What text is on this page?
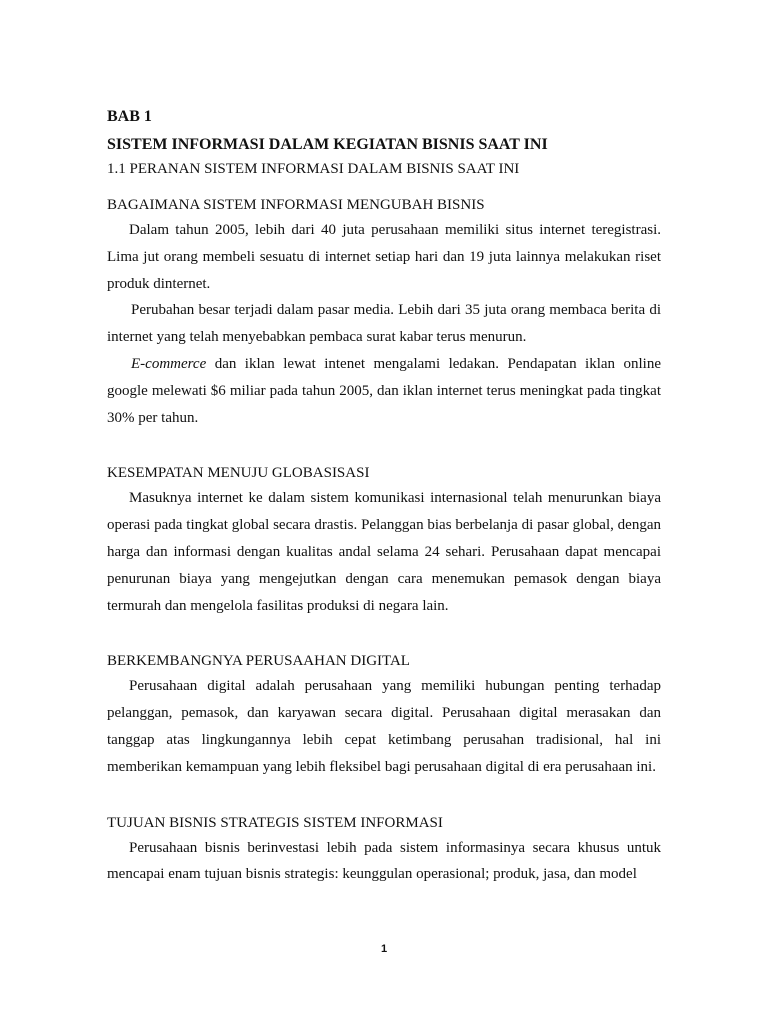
BAB 1
SISTEM INFORMASI DALAM KEGIATAN BISNIS SAAT INI
1.1 PERANAN SISTEM INFORMASI DALAM BISNIS SAAT INI
BAGAIMANA SISTEM INFORMASI MENGUBAH BISNIS

Dalam tahun 2005, lebih dari 40 juta perusahaan memiliki situs internet teregistrasi. Lima jut orang membeli sesuatu di internet setiap hari dan 19 juta lainnya melakukan riset produk dinternet.

Perubahan besar terjadi dalam pasar media. Lebih dari 35 juta orang membaca berita di internet yang telah menyebabkan pembaca surat kabar terus menurun.

E-commerce dan iklan lewat intenet mengalami ledakan. Pendapatan iklan online google melewati $6 miliar pada tahun 2005, dan iklan internet terus meningkat pada tingkat 30% per tahun.

KESEMPATAN MENUJU GLOBASISASI

Masuknya internet ke dalam sistem komunikasi internasional telah menurunkan biaya operasi pada tingkat global secara drastis. Pelanggan bias berbelanja di pasar global, dengan harga dan informasi dengan kualitas andal selama 24 sehari. Perusahaan dapat mencapai penurunan biaya yang mengejutkan dengan cara menemukan pemasok dengan biaya termurah dan mengelola fasilitas produksi di negara lain.

BERKEMBANGNYA PERUSAAHAN DIGITAL

Perusahaan digital adalah perusahaan yang memiliki hubungan penting terhadap pelanggan, pemasok, dan karyawan secara digital. Perusahaan digital merasakan dan tanggap atas lingkungannya lebih cepat ketimbang perusahan tradisional, hal ini memberikan kemampuan yang lebih fleksibel bagi perusahaan digital di era perusahaan ini.

TUJUAN BISNIS STRATEGIS SISTEM INFORMASI

Perusahaan bisnis berinvestasi lebih pada sistem informasinya secara khusus untuk mencapai enam tujuan bisnis strategis: keunggulan operasional; produk, jasa, dan model

1
